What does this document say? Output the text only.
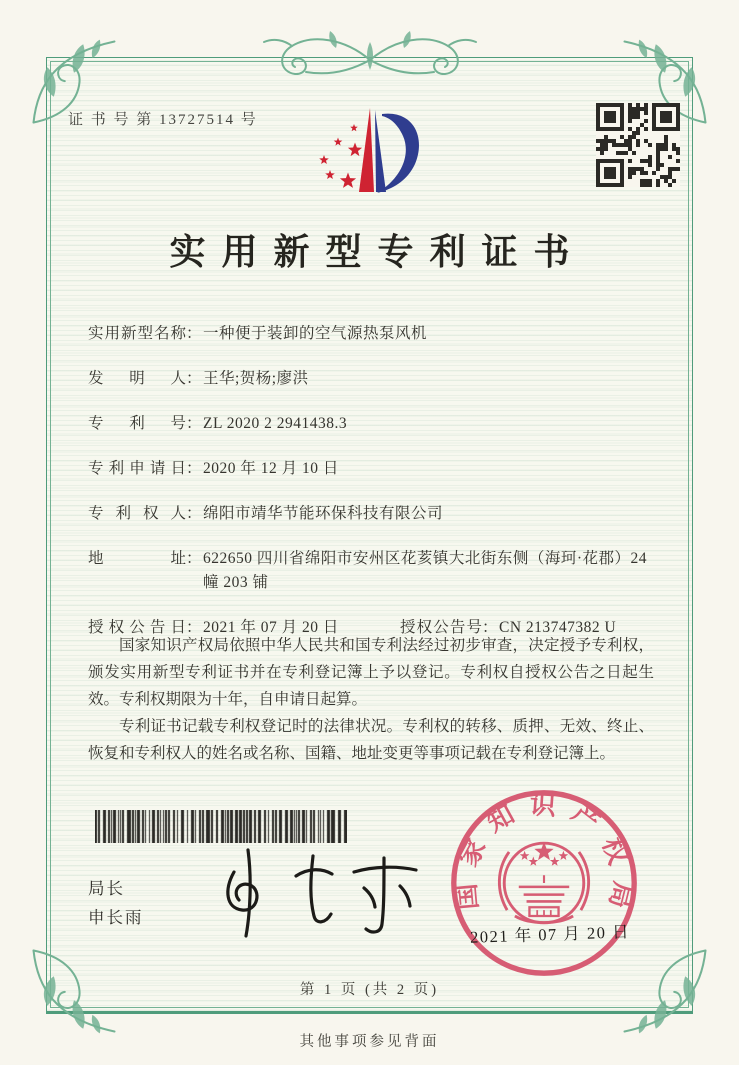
证 书 号 第 13727514 号
实用新型专利证书
实用新型名称 ： 一种便于装卸的空气源热泵风机
发明人 ： 王华;贺杨;廖洪
专利号 ： ZL 2020 2 2941438.3
专利申请日 ： 2020 年 12 月 10 日
专利权人 ： 绵阳市靖华节能环保科技有限公司
地址 ： 622650 四川省绵阳市安州区花荄镇大北街东侧（海珂·花郡）24 幢 203 铺
授权公告日 ： 2021 年 07 月 20 日	授权公告号 ： CN 213747382 U

国家知识产权局依照中华人民共和国专利法经过初步审查，决定授予专利权，颁发实用新型专利证书并在专利登记簿上予以登记。专利权自授权公告之日起生效。专利权期限为十年，自申请日起算。

专利证书记载专利权登记时的法律状况。专利权的转移、质押、无效、终止、恢复和专利权人的姓名或名称、国籍、地址变更等事项记载在专利登记簿上。

局长
申长雨
国家知识产权局
2021 年 07 月 20 日
第 1 页 (共 2 页)
其他事项参见背面
